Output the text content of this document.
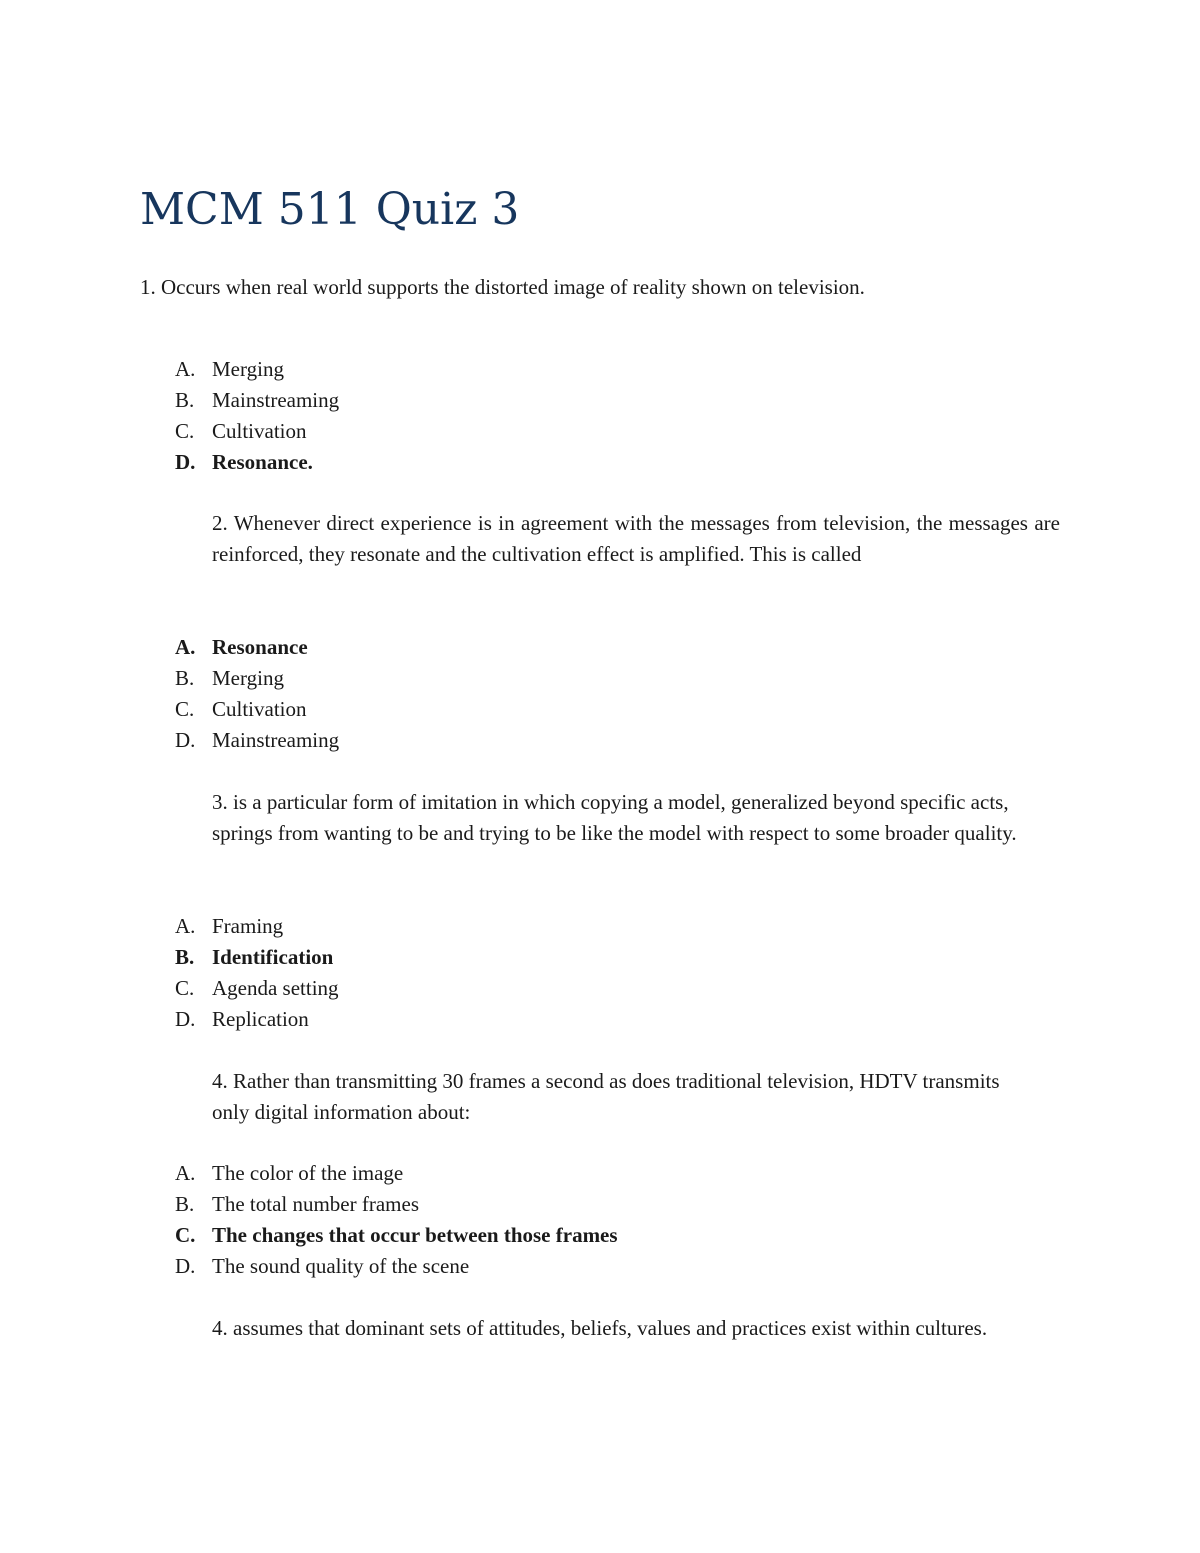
MCM 511 Quiz 3
1. Occurs when real world supports the distorted image of reality shown on television.
A. Merging
B. Mainstreaming
C. Cultivation
D. Resonance.
2. Whenever direct experience is in agreement with the messages from television, the messages are reinforced, they resonate and the cultivation effect is amplified. This is called
A. Resonance
B. Merging
C. Cultivation
D. Mainstreaming
3. is a particular form of imitation in which copying a model, generalized beyond specific acts, springs from wanting to be and trying to be like the model with respect to some broader quality.
A. Framing
B. Identification
C. Agenda setting
D. Replication
4. Rather than transmitting 30 frames a second as does traditional television, HDTV transmits only digital information about:
A. The color of the image
B. The total number frames
C. The changes that occur between those frames
D. The sound quality of the scene
4. assumes that dominant sets of attitudes, beliefs, values and practices exist within cultures.
